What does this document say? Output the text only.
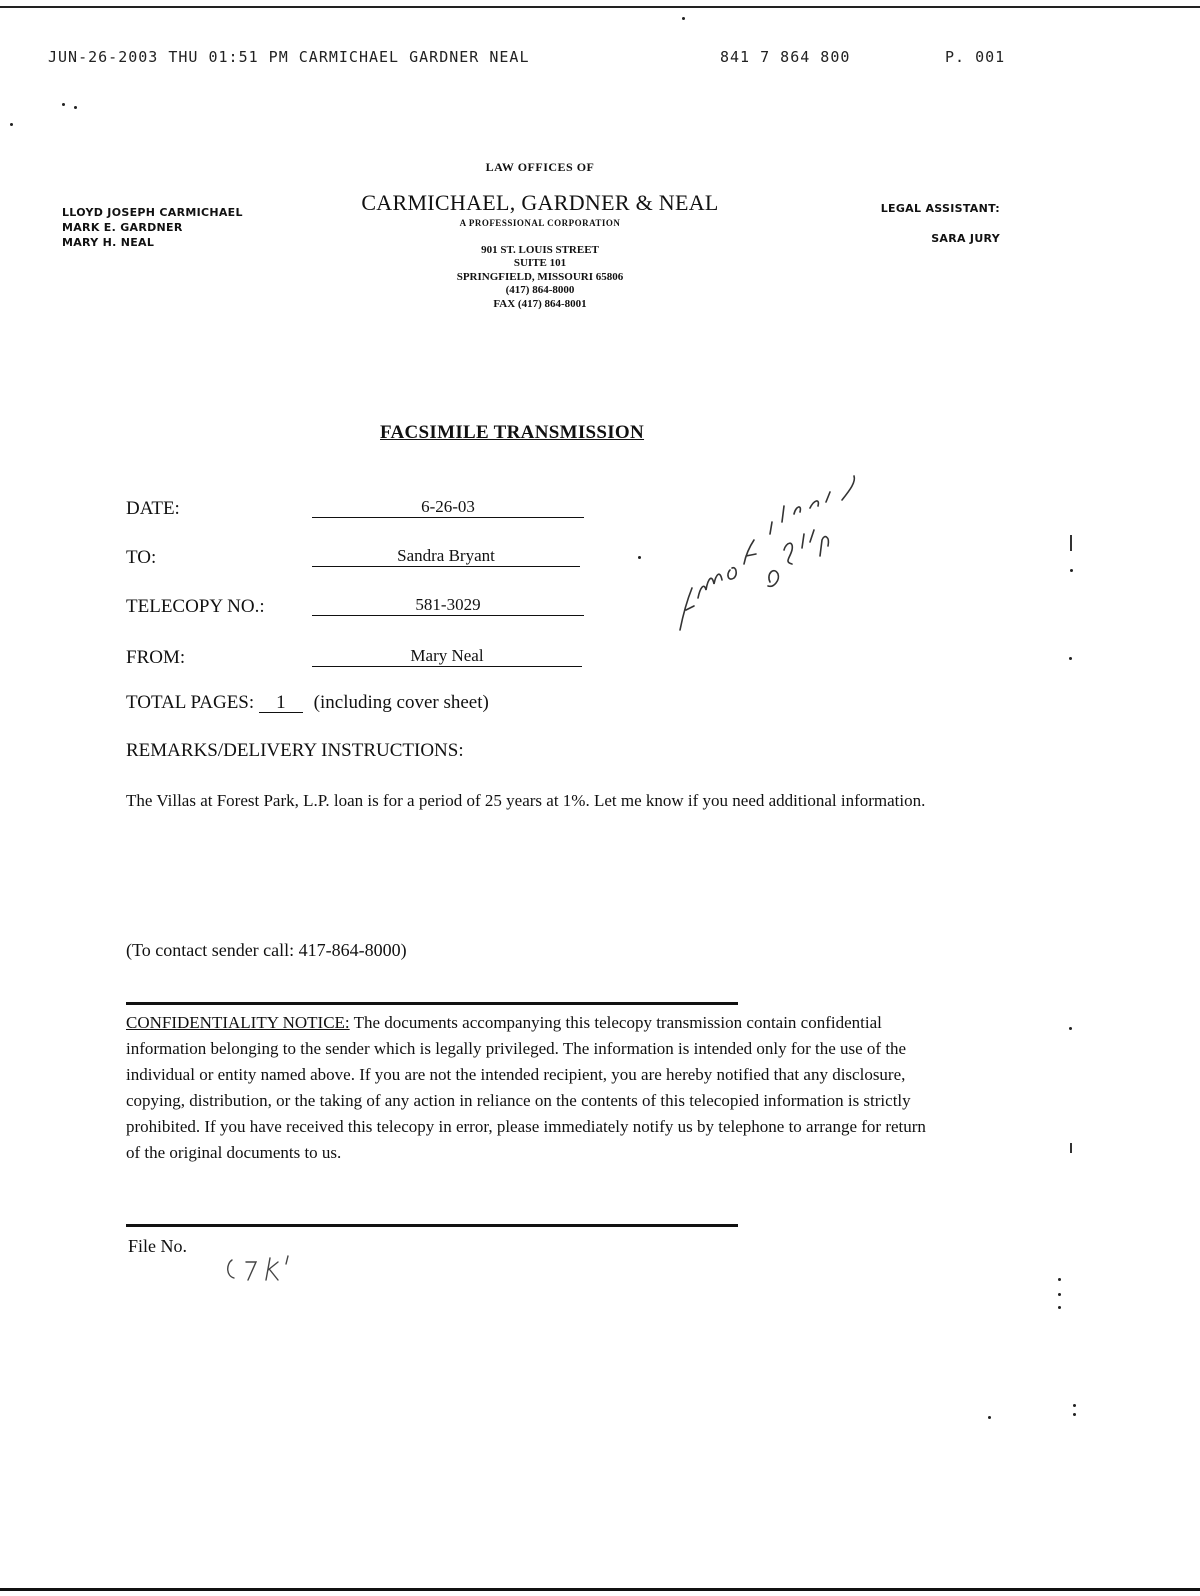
JUN-26-2003 THU 01:51 PM CARMICHAEL GARDNER NEAL	841 7 864 800	P. 001
LLOYD JOSEPH CARMICHAEL
MARK E. GARDNER
MARY H. NEAL
LAW OFFICES OF
CARMICHAEL, GARDNER & NEAL
A PROFESSIONAL CORPORATION
901 ST. LOUIS STREET
SUITE 101
SPRINGFIELD, MISSOURI 65806
(417) 864-8000
FAX (417) 864-8001
LEGAL ASSISTANT:
SARA JURY
FACSIMILE TRANSMISSION
DATE:	6-26-03
TO:	Sandra Bryant
TELECOPY NO.:	581-3029
FROM:	Mary Neal
TOTAL PAGES: 1 (including cover sheet)
REMARKS/DELIVERY INSTRUCTIONS:
The Villas at Forest Park, L.P. loan is for a period of 25 years at 1%. Let me know if you need additional information.
(To contact sender call: 417-864-8000)
CONFIDENTIALITY NOTICE: The documents accompanying this telecopy transmission contain confidential information belonging to the sender which is legally privileged. The information is intended only for the use of the individual or entity named above. If you are not the intended recipient, you are hereby notified that any disclosure, copying, distribution, or the taking of any action in reliance on the contents of this telecopied information is strictly prohibited. If you have received this telecopy in error, please immediately notify us by telephone to arrange for return of the original documents to us.
File No.
